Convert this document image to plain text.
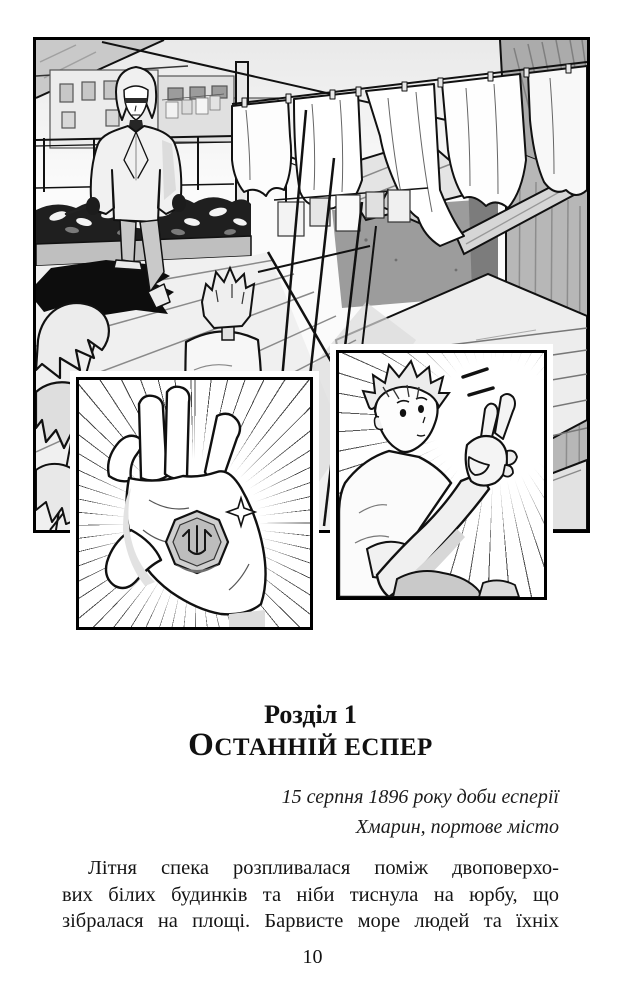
Розділ 1
ОСТАННІЙ ЕСПЕР
15 серпня 1896 року доби есперії
Хмарин, портове місто
Літня спека розпливалася поміж двоповерхо-
вих білих будинків та ніби тиснула на юрбу, що
зібралася на площі. Барвисте море людей та їхніх
10
